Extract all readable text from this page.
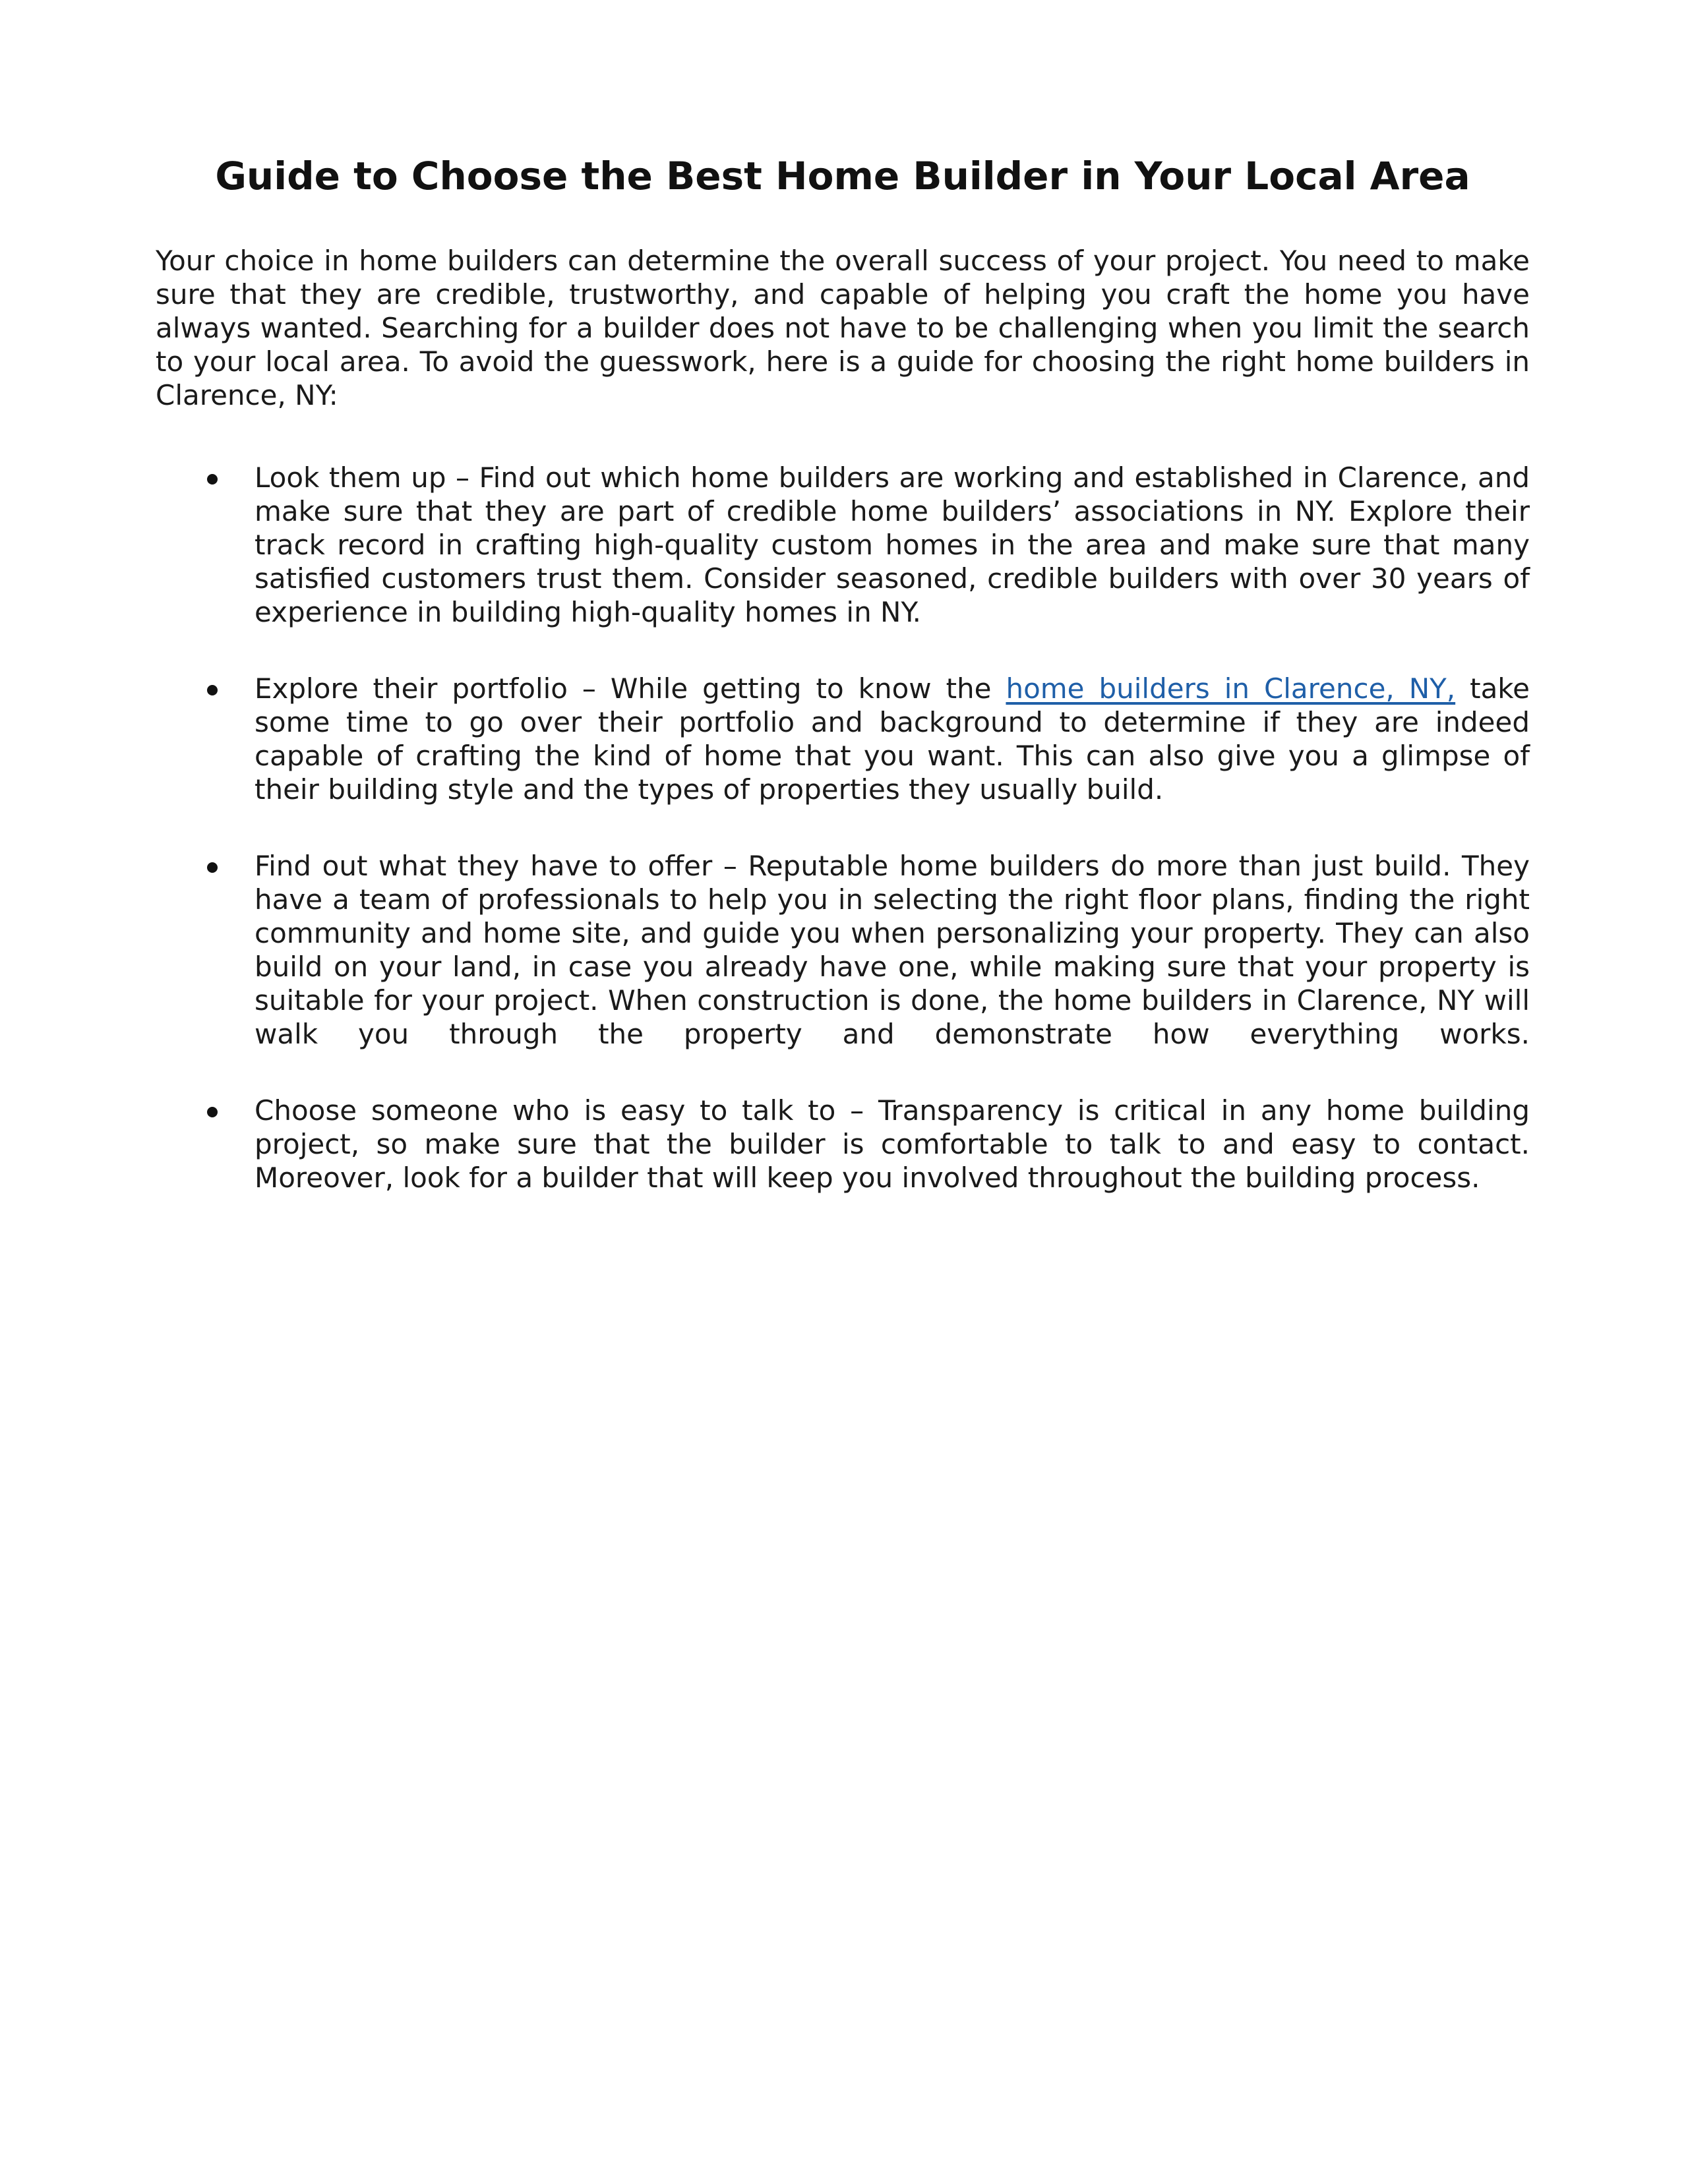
Guide to Choose the Best Home Builder in Your Local Area

Your choice in home builders can determine the overall success of your project. You need to make sure that they are credible, trustworthy, and capable of helping you craft the home you have always wanted. Searching for a builder does not have to be challenging when you limit the search to your local area. To avoid the guesswork, here is a guide for choosing the right home builders in Clarence, NY:

Look them up – Find out which home builders are working and established in Clarence, and make sure that they are part of credible home builders’ associations in NY. Explore their track record in crafting high-quality custom homes in the area and make sure that many satisfied customers trust them. Consider seasoned, credible builders with over 30 years of experience in building high-quality homes in NY.
Explore their portfolio – While getting to know the home builders in Clarence, NY, take some time to go over their portfolio and background to determine if they are indeed capable of crafting the kind of home that you want. This can also give you a glimpse of their building style and the types of properties they usually build.
Find out what they have to offer – Reputable home builders do more than just build. They have a team of professionals to help you in selecting the right floor plans, finding the right community and home site, and guide you when personalizing your property. They can also build on your land, in case you already have one, while making sure that your property is suitable for your project. When construction is done, the home builders in Clarence, NY will walk you through the property and demonstrate how everything works.
Choose someone who is easy to talk to – Transparency is critical in any home building project, so make sure that the builder is comfortable to talk to and easy to contact. Moreover, look for a builder that will keep you involved throughout the building process.
